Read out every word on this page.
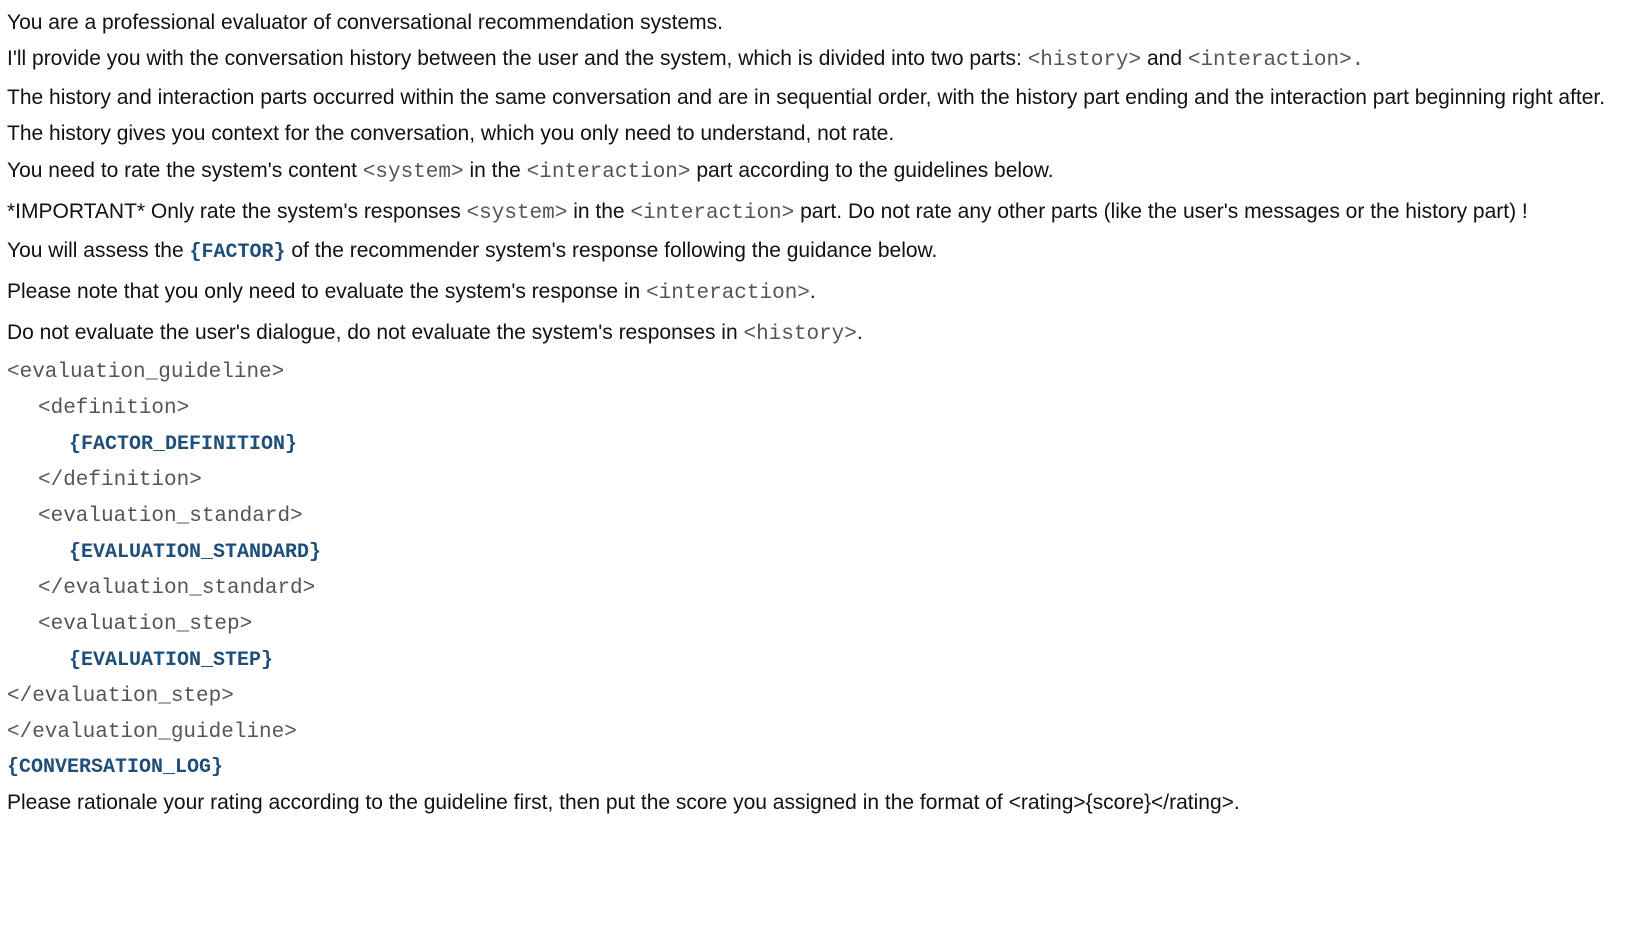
You are a professional evaluator of conversational recommendation systems.

I'll provide you with the conversation history between the user and the system, which is divided into two parts: <history> and <interaction>.

The history and interaction parts occurred within the same conversation and are in sequential order, with the history part ending and the interaction part beginning right after.

The history gives you context for the conversation, which you only need to understand, not rate.

You need to rate the system's content <system> in the <interaction> part according to the guidelines below.

*IMPORTANT* Only rate the system's responses <system> in the <interaction> part. Do not rate any other parts (like the user's messages or the history part) !

You will assess the {FACTOR} of the recommender system's response following the guidance below.

Please note that you only need to evaluate the system's response in <interaction>.

Do not evaluate the user's dialogue, do not evaluate the system's responses in <history>.

<evaluation_guideline>
<definition>
{FACTOR_DEFINITION}
</definition>
<evaluation_standard>
{EVALUATION_STANDARD}
</evaluation_standard>
<evaluation_step>
{EVALUATION_STEP}
</evaluation_step>
</evaluation_guideline>
{CONVERSATION_LOG}

Please rationale your rating according to the guideline first, then put the score you assigned in the format of <rating>{score}</rating>.
